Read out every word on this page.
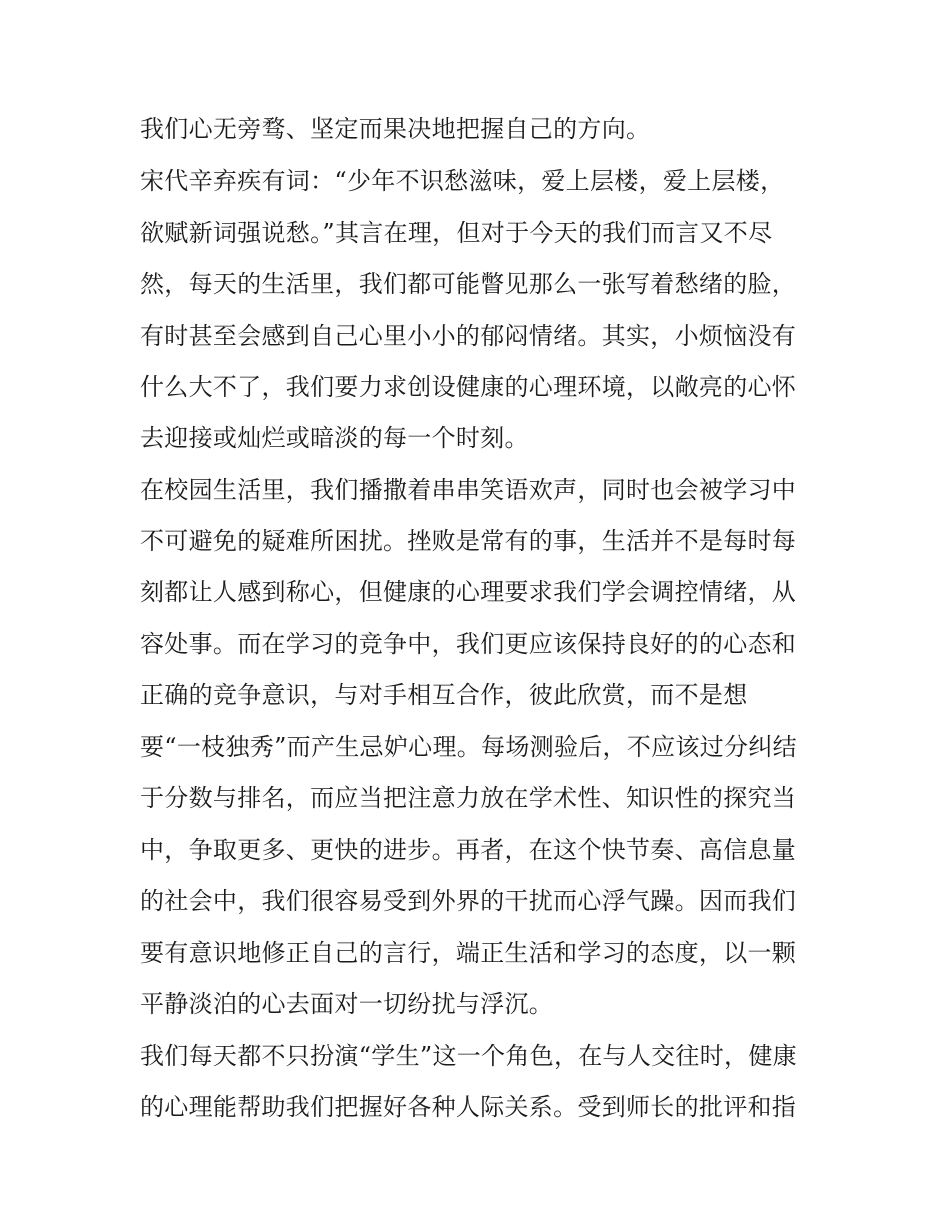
我们心无旁骛、坚定而果决地把握自己的方向。
宋代辛弃疾有词：“少年不识愁滋味，爱上层楼，爱上层楼，
欲赋新词强说愁。”其言在理，但对于今天的我们而言又不尽
然，每天的生活里，我们都可能瞥见那么一张写着愁绪的脸，
有时甚至会感到自己心里小小的郁闷情绪。其实，小烦恼没有
什么大不了，我们要力求创设健康的心理环境，以敞亮的心怀
去迎接或灿烂或暗淡的每一个时刻。
在校园生活里，我们播撒着串串笑语欢声，同时也会被学习中
不可避免的疑难所困扰。挫败是常有的事，生活并不是每时每
刻都让人感到称心，但健康的心理要求我们学会调控情绪，从
容处事。而在学习的竞争中，我们更应该保持良好的的心态和
正确的竞争意识，与对手相互合作，彼此欣赏，而不是想
要“一枝独秀”而产生忌妒心理。每场测验后，不应该过分纠结
于分数与排名，而应当把注意力放在学术性、知识性的探究当
中，争取更多、更快的进步。再者，在这个快节奏、高信息量
的社会中，我们很容易受到外界的干扰而心浮气躁。因而我们
要有意识地修正自己的言行，端正生活和学习的态度，以一颗
平静淡泊的心去面对一切纷扰与浮沉。
我们每天都不只扮演“学生”这一个角色，在与人交往时，健康
的心理能帮助我们把握好各种人际关系。受到师长的批评和指
